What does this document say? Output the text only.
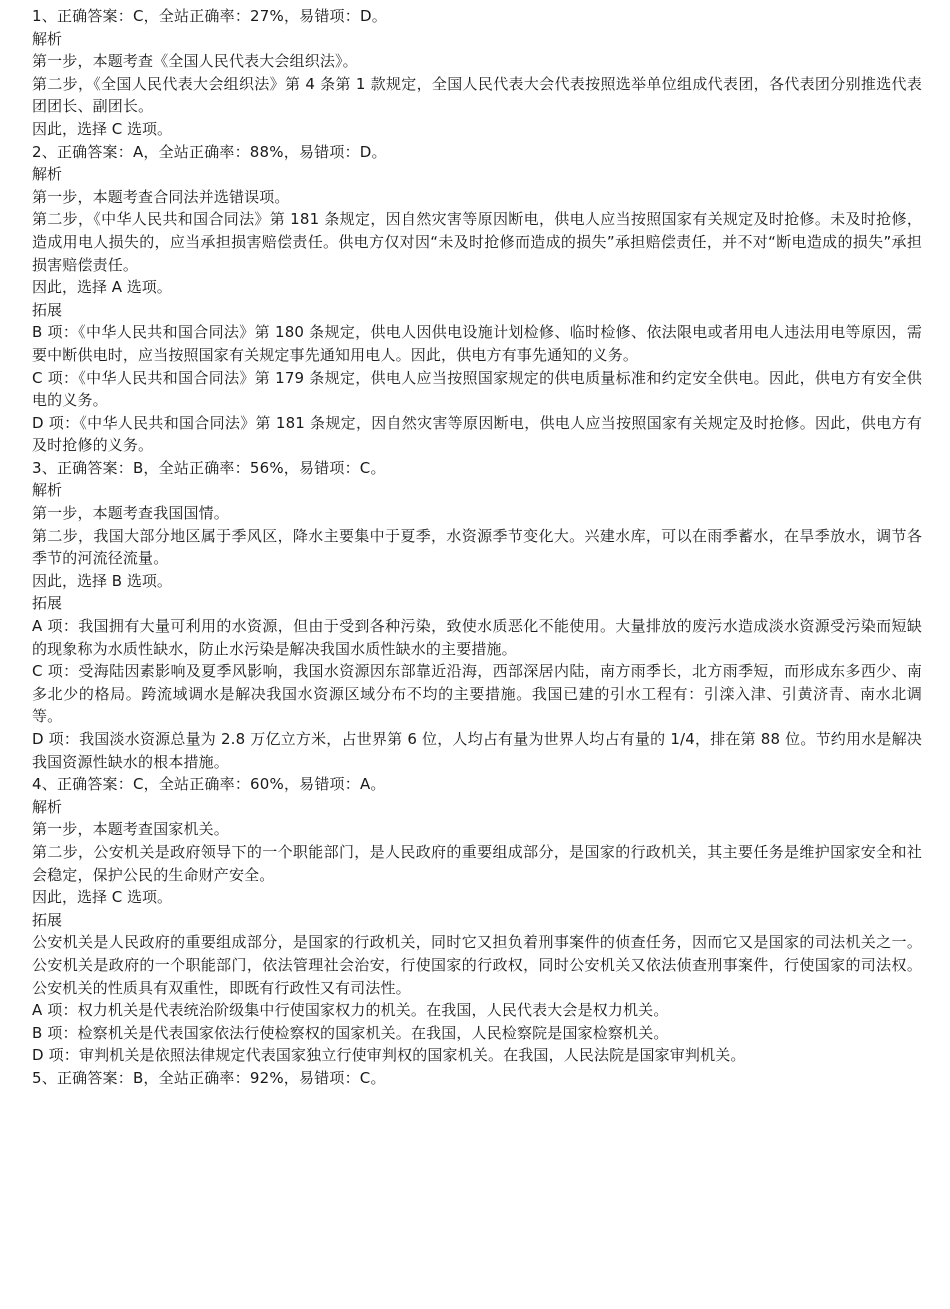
1、正确答案：C，全站正确率：27%，易错项：D。

解析

第一步，本题考查《全国人民代表大会组织法》。

第二步，《全国人民代表大会组织法》第 4 条第 1 款规定，全国人民代表大会代表按照选举单位组成代表团，各代表团分别推选代表团团长、副团长。

因此，选择 C 选项。

2、正确答案：A，全站正确率：88%，易错项：D。

解析

第一步，本题考查合同法并选错误项。

第二步，《中华人民共和国合同法》第 181 条规定，因自然灾害等原因断电，供电人应当按照国家有关规定及时抢修。未及时抢修，造成用电人损失的，应当承担损害赔偿责任。供电方仅对因“未及时抢修而造成的损失”承担赔偿责任，并不对“断电造成的损失”承担损害赔偿责任。

因此，选择 A 选项。

拓展

B 项：《中华人民共和国合同法》第 180 条规定，供电人因供电设施计划检修、临时检修、依法限电或者用电人违法用电等原因，需要中断供电时，应当按照国家有关规定事先通知用电人。因此，供电方有事先通知的义务。

C 项：《中华人民共和国合同法》第 179 条规定，供电人应当按照国家规定的供电质量标准和约定安全供电。因此，供电方有安全供电的义务。

D 项：《中华人民共和国合同法》第 181 条规定，因自然灾害等原因断电，供电人应当按照国家有关规定及时抢修。因此，供电方有及时抢修的义务。

3、正确答案：B，全站正确率：56%，易错项：C。

解析

第一步，本题考查我国国情。

第二步，我国大部分地区属于季风区，降水主要集中于夏季，水资源季节变化大。兴建水库，可以在雨季蓄水，在旱季放水，调节各季节的河流径流量。

因此，选择 B 选项。

拓展

A 项：我国拥有大量可利用的水资源，但由于受到各种污染，致使水质恶化不能使用。大量排放的废污水造成淡水资源受污染而短缺的现象称为水质性缺水，防止水污染是解决我国水质性缺水的主要措施。

C 项：受海陆因素影响及夏季风影响，我国水资源因东部靠近沿海，西部深居内陆，南方雨季长，北方雨季短，而形成东多西少、南多北少的格局。跨流域调水是解决我国水资源区域分布不均的主要措施。我国已建的引水工程有：引滦入津、引黄济青、南水北调等。

D 项：我国淡水资源总量为 2.8 万亿立方米，占世界第 6 位，人均占有量为世界人均占有量的 1/4，排在第 88 位。节约用水是解决我国资源性缺水的根本措施。

4、正确答案：C，全站正确率：60%，易错项：A。

解析

第一步，本题考查国家机关。

第二步，公安机关是政府领导下的一个职能部门，是人民政府的重要组成部分，是国家的行政机关，其主要任务是维护国家安全和社会稳定，保护公民的生命财产安全。

因此，选择 C 选项。

拓展

公安机关是人民政府的重要组成部分，是国家的行政机关，同时它又担负着刑事案件的侦查任务，因而它又是国家的司法机关之一。公安机关是政府的一个职能部门，依法管理社会治安，行使国家的行政权，同时公安机关又依法侦查刑事案件，行使国家的司法权。公安机关的性质具有双重性，即既有行政性又有司法性。

A 项：权力机关是代表统治阶级集中行使国家权力的机关。在我国，人民代表大会是权力机关。

B 项：检察机关是代表国家依法行使检察权的国家机关。在我国，人民检察院是国家检察机关。

D 项：审判机关是依照法律规定代表国家独立行使审判权的国家机关。在我国，人民法院是国家审判机关。

5、正确答案：B，全站正确率：92%，易错项：C。
